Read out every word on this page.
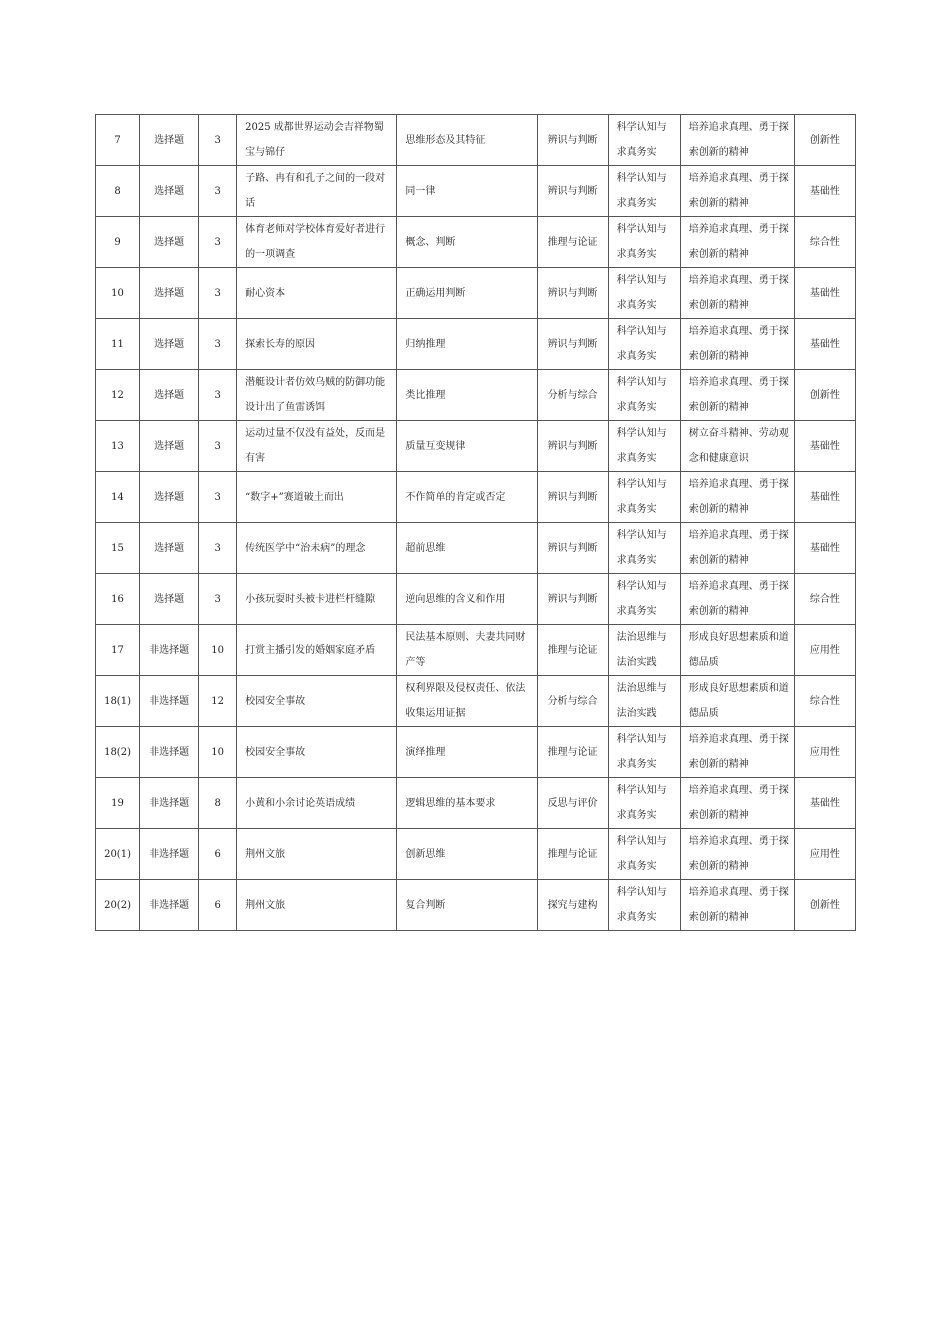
7	选择题	3	2025 成都世界运动会吉祥物蜀宝与锦仔	思维形态及其特征	辨识与判断	科学认知与求真务实	培养追求真理、勇于探索创新的精神	创新性
8	选择题	3	子路、冉有和孔子之间的一段对话	同一律	辨识与判断	科学认知与求真务实	培养追求真理、勇于探索创新的精神	基础性
9	选择题	3	体育老师对学校体育爱好者进行的一项调查	概念、判断	推理与论证	科学认知与求真务实	培养追求真理、勇于探索创新的精神	综合性
10	选择题	3	耐心资本	正确运用判断	辨识与判断	科学认知与求真务实	培养追求真理、勇于探索创新的精神	基础性
11	选择题	3	探索长寿的原因	归纳推理	辨识与判断	科学认知与求真务实	培养追求真理、勇于探索创新的精神	基础性
12	选择题	3	潜艇设计者仿效乌贼的防御功能设计出了鱼雷诱饵	类比推理	分析与综合	科学认知与求真务实	培养追求真理、勇于探索创新的精神	创新性
13	选择题	3	运动过量不仅没有益处，反而是有害	质量互变规律	辨识与判断	科学认知与求真务实	树立奋斗精神、劳动观念和健康意识	基础性
14	选择题	3	“数字+”赛道破土而出	不作简单的肯定或否定	辨识与判断	科学认知与求真务实	培养追求真理、勇于探索创新的精神	基础性
15	选择题	3	传统医学中“治未病”的理念	超前思维	辨识与判断	科学认知与求真务实	培养追求真理、勇于探索创新的精神	基础性
16	选择题	3	小孩玩耍时头被卡进栏杆缝隙	逆向思维的含义和作用	辨识与判断	科学认知与求真务实	培养追求真理、勇于探索创新的精神	综合性
17	非选择题	10	打赏主播引发的婚姻家庭矛盾	民法基本原则、夫妻共同财产等	推理与论证	法治思维与法治实践	形成良好思想素质和道德品质	应用性
18(1)	非选择题	12	校园安全事故	权利界限及侵权责任、依法收集运用证据	分析与综合	法治思维与法治实践	形成良好思想素质和道德品质	综合性
18(2)	非选择题	10	校园安全事故	演绎推理	推理与论证	科学认知与求真务实	培养追求真理、勇于探索创新的精神	应用性
19	非选择题	8	小黄和小余讨论英语成绩	逻辑思维的基本要求	反思与评价	科学认知与求真务实	培养追求真理、勇于探索创新的精神	基础性
20(1)	非选择题	6	荆州文旅	创新思维	推理与论证	科学认知与求真务实	培养追求真理、勇于探索创新的精神	应用性
20(2)	非选择题	6	荆州文旅	复合判断	探究与建构	科学认知与求真务实	培养追求真理、勇于探索创新的精神	创新性
